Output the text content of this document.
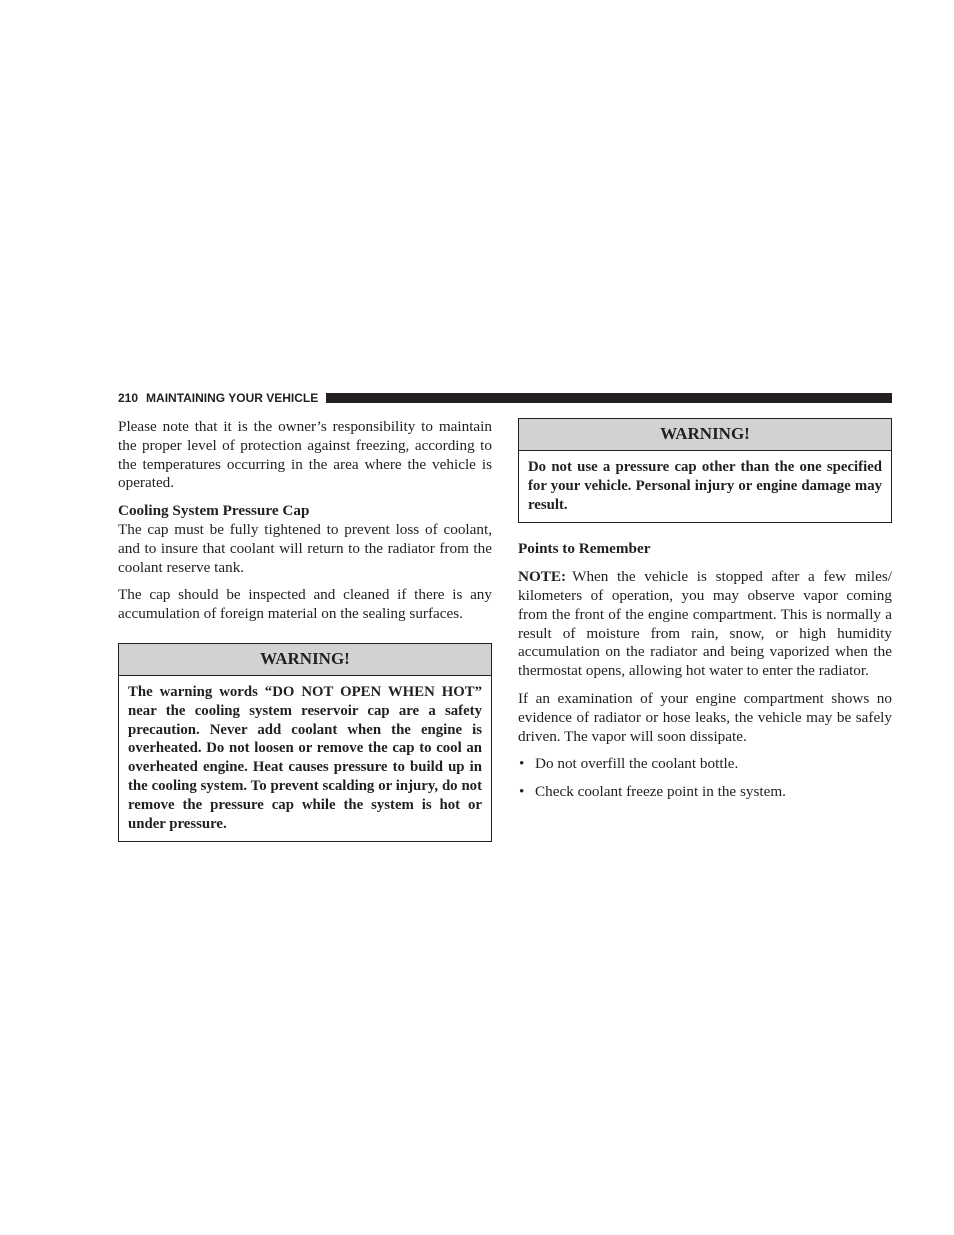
210 MAINTAINING YOUR VEHICLE

Please note that it is the owner’s responsibility to maintain the proper level of protection against freezing, according to the temperatures occurring in the area where the vehicle is operated.

Cooling System Pressure Cap

The cap must be fully tightened to prevent loss of coolant, and to insure that coolant will return to the radiator from the coolant reserve tank.

The cap should be inspected and cleaned if there is any accumulation of foreign material on the sealing surfaces.

WARNING!
The warning words “DO NOT OPEN WHEN HOT” near the cooling system reservoir cap are a safety precaution. Never add coolant when the engine is overheated. Do not loosen or remove the cap to cool an overheated engine. Heat causes pressure to build up in the cooling system. To prevent scalding or injury, do not remove the pressure cap while the system is hot or under pressure.
WARNING!
Do not use a pressure cap other than the one specified for your vehicle. Personal injury or engine damage may result.

Points to Remember

NOTE: When the vehicle is stopped after a few miles/ kilometers of operation, you may observe vapor coming from the front of the engine compartment. This is normally a result of moisture from rain, snow, or high humidity accumulation on the radiator and being vaporized when the thermostat opens, allowing hot water to enter the radiator.

If an examination of your engine compartment shows no evidence of radiator or hose leaks, the vehicle may be safely driven. The vapor will soon dissipate.

• Do not overfill the coolant bottle.
• Check coolant freeze point in the system.
